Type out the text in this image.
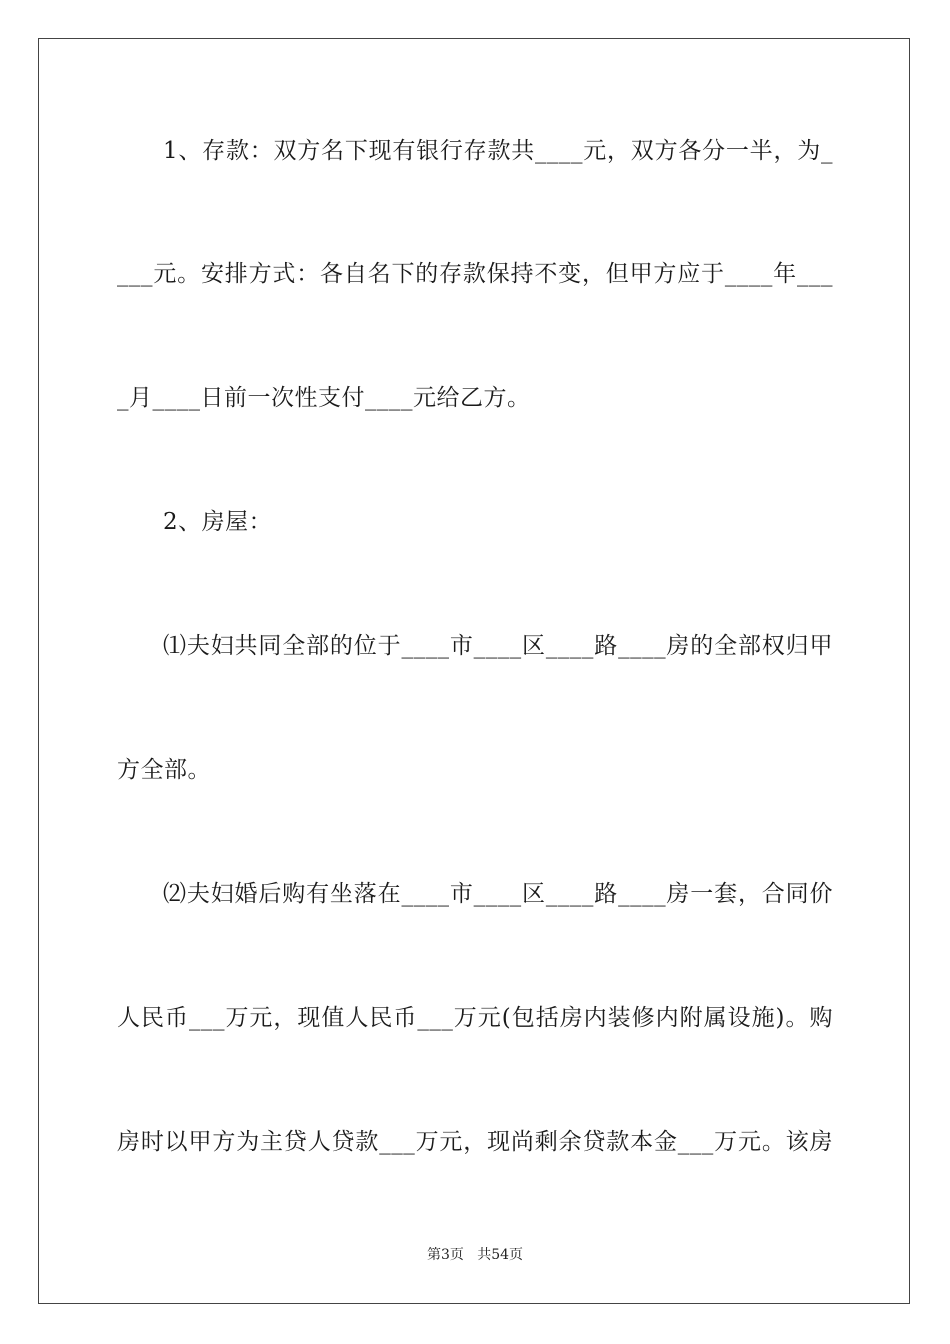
1、存款：双方名下现有银行存款共____元，双方各分一半，为_
___元。安排方式：各自名下的存款保持不变，但甲方应于____年___
_月____日前一次性支付____元给乙方。
2、房屋：
⑴夫妇共同全部的位于____市____区____路____房的全部权归甲
方全部。
⑵夫妇婚后购有坐落在____市____区____路____房一套，合同价
人民币___万元，现值人民币___万元(包括房内装修内附属设施)。购
房时以甲方为主贷人贷款___万元，现尚剩余贷款本金___万元。该房
第3页   共54页
